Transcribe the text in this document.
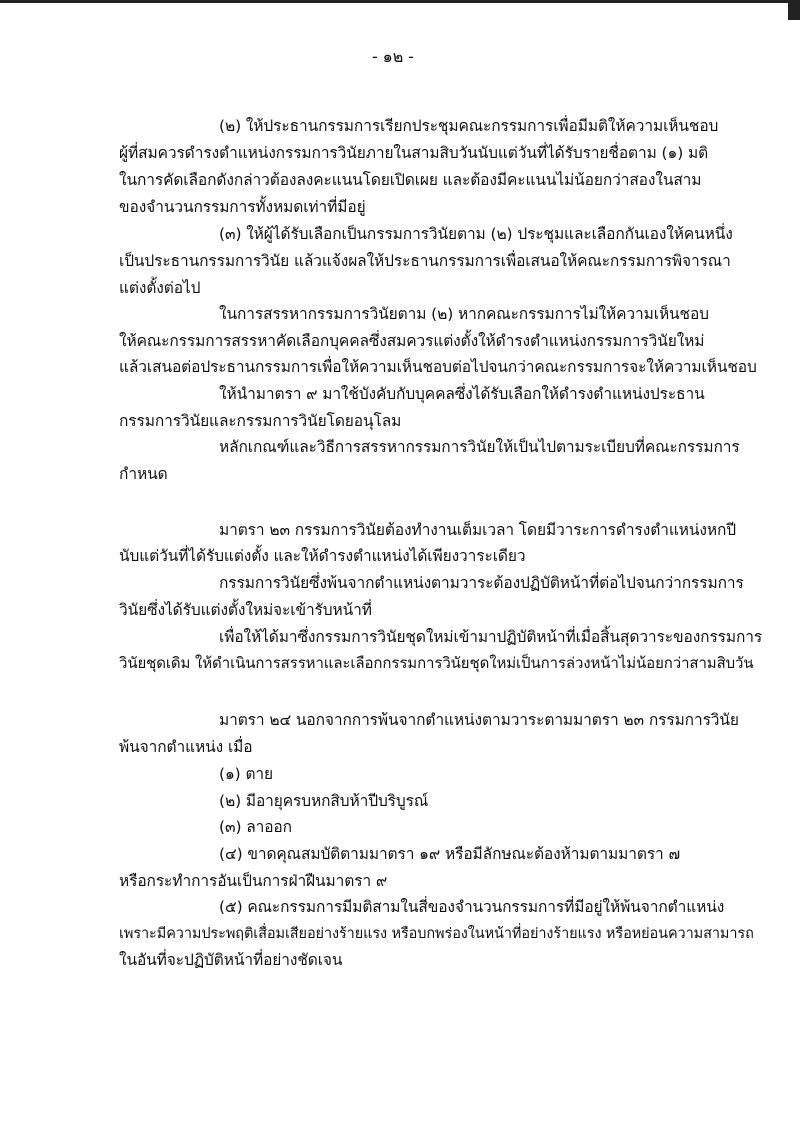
- ๑๒ -
(๒) ให้ประธานกรรมการเรียกประชุมคณะกรรมการเพื่อมีมติให้ความเห็นชอบ
ผู้ที่สมควรดำรงตำแหน่งกรรมการวินัยภายในสามสิบวันนับแต่วันที่ได้รับรายชื่อตาม (๑) มติ
ในการคัดเลือกดังกล่าวต้องลงคะแนนโดยเปิดเผย และต้องมีคะแนนไม่น้อยกว่าสองในสาม
ของจำนวนกรรมการทั้งหมดเท่าที่มีอยู่
(๓) ให้ผู้ได้รับเลือกเป็นกรรมการวินัยตาม (๒) ประชุมและเลือกกันเองให้คนหนึ่ง
เป็นประธานกรรมการวินัย แล้วแจ้งผลให้ประธานกรรมการเพื่อเสนอให้คณะกรรมการพิจารณา
แต่งตั้งต่อไป
ในการสรรหากรรมการวินัยตาม (๒) หากคณะกรรมการไม่ให้ความเห็นชอบ
ให้คณะกรรมการสรรหาคัดเลือกบุคคลซึ่งสมควรแต่งตั้งให้ดำรงตำแหน่งกรรมการวินัยใหม่
แล้วเสนอต่อประธานกรรมการเพื่อให้ความเห็นชอบต่อไปจนกว่าคณะกรรมการจะให้ความเห็นชอบ
ให้นำมาตรา ๙ มาใช้บังคับกับบุคคลซึ่งได้รับเลือกให้ดำรงตำแหน่งประธาน
กรรมการวินัยและกรรมการวินัยโดยอนุโลม
หลักเกณฑ์และวิธีการสรรหากรรมการวินัยให้เป็นไปตามระเบียบที่คณะกรรมการ
กำหนด
มาตรา ๒๓ กรรมการวินัยต้องทำงานเต็มเวลา โดยมีวาระการดำรงตำแหน่งหกปี
นับแต่วันที่ได้รับแต่งตั้ง และให้ดำรงตำแหน่งได้เพียงวาระเดียว
กรรมการวินัยซึ่งพ้นจากตำแหน่งตามวาระต้องปฏิบัติหน้าที่ต่อไปจนกว่ากรรมการ
วินัยซึ่งได้รับแต่งตั้งใหม่จะเข้ารับหน้าที่
เพื่อให้ได้มาซึ่งกรรมการวินัยชุดใหม่เข้ามาปฏิบัติหน้าที่เมื่อสิ้นสุดวาระของกรรมการ
วินัยชุดเดิม ให้ดำเนินการสรรหาและเลือกกรรมการวินัยชุดใหม่เป็นการล่วงหน้าไม่น้อยกว่าสามสิบวัน
มาตรา ๒๔ นอกจากการพ้นจากตำแหน่งตามวาระตามมาตรา ๒๓ กรรมการวินัย
พ้นจากตำแหน่ง เมื่อ
(๑) ตาย
(๒) มีอายุครบหกสิบห้าปีบริบูรณ์
(๓) ลาออก
(๔) ขาดคุณสมบัติตามมาตรา ๑๙ หรือมีลักษณะต้องห้ามตามมาตรา ๗
หรือกระทำการอันเป็นการฝ่าฝืนมาตรา ๙
(๕) คณะกรรมการมีมติสามในสี่ของจำนวนกรรมการที่มีอยู่ให้พ้นจากตำแหน่ง
เพราะมีความประพฤติเสื่อมเสียอย่างร้ายแรง หรือบกพร่องในหน้าที่อย่างร้ายแรง หรือหย่อนความสามารถ
ในอันที่จะปฏิบัติหน้าที่อย่างชัดเจน
